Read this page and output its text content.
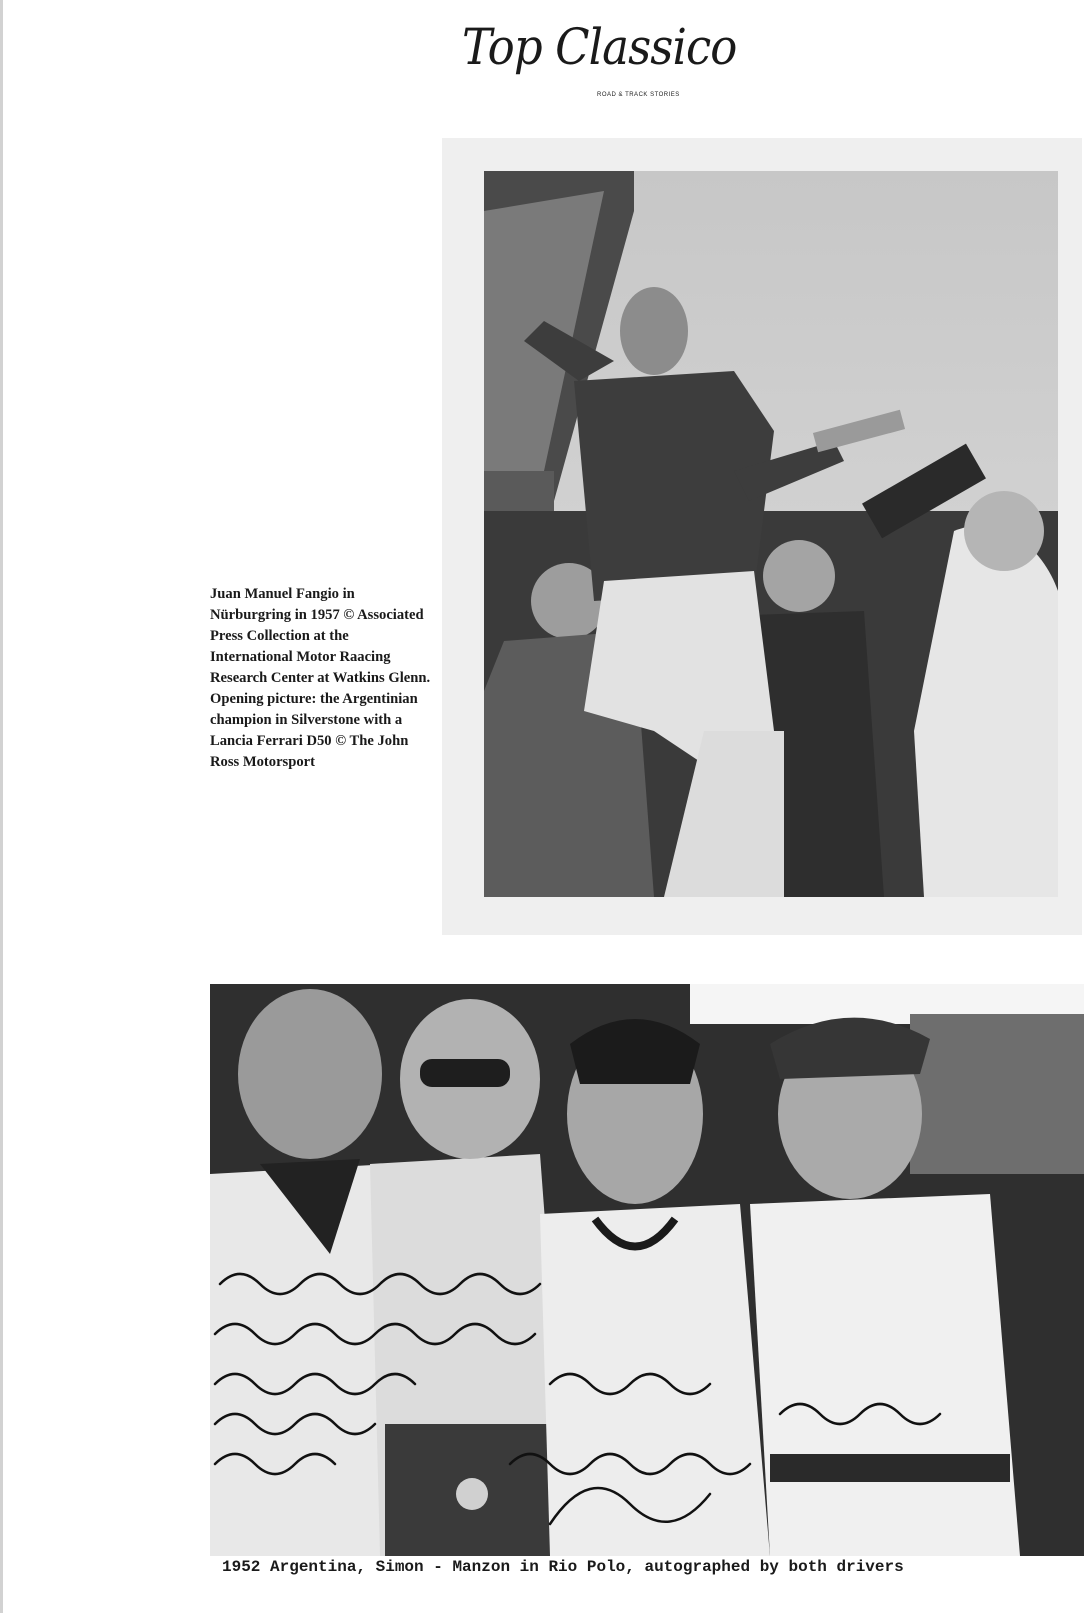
Top Classico
ROAD & TRACK STORIES
Juan Manuel Fangio in Nürburgring in 1957 © Associated Press Collection at the International Motor Raacing Research Center at Watkins Glenn. Opening picture: the Argentinian champion in Silverstone with a Lancia Ferrari D50 © The John Ross Motorsport
1952 Argentina, Simon - Manzon in Rio Polo, autographed by both drivers
